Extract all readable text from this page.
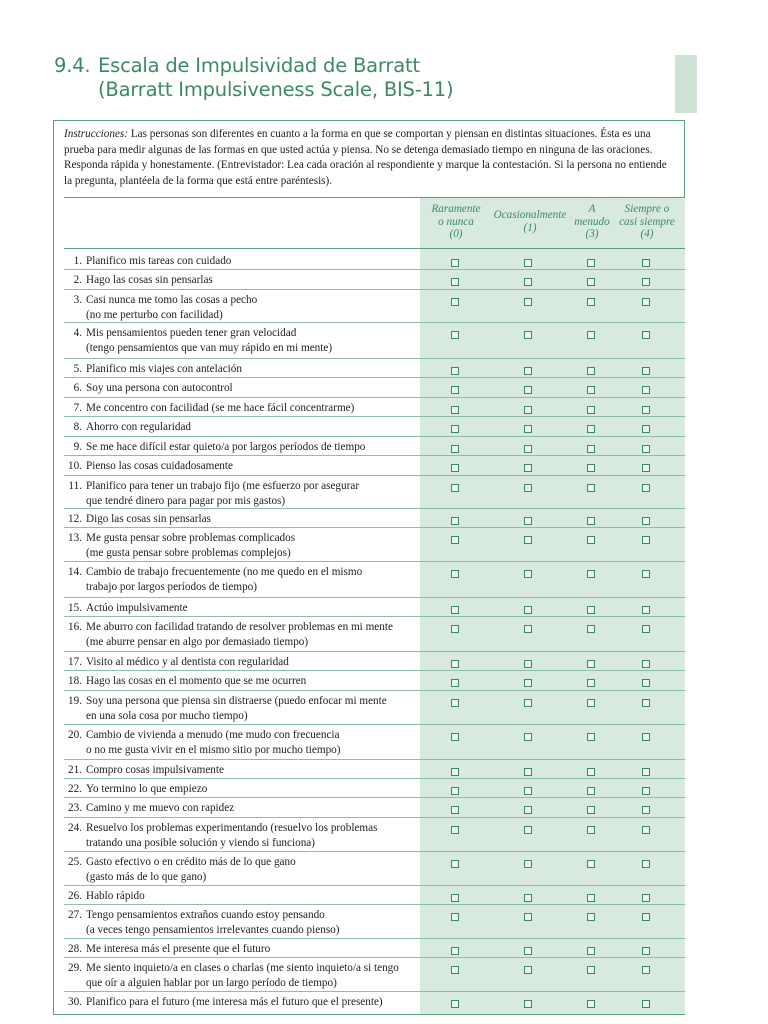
9.4. Escala de Impulsividad de Barratt
(Barratt Impulsiveness Scale, BIS-11)
Instrucciones: Las personas son diferentes en cuanto a la forma en que se comportan y piensan en distintas situaciones. Ésta es una prueba para medir algunas de las formas en que usted actúa y piensa. No se detenga demasiado tiempo en ninguna de las oraciones. Responda rápida y honestamente. (Entrevistador: Lea cada oración al respondiente y marque la contestación. Si la persona no entiende la pregunta, plantéela de la forma que está entre paréntesis).
Raramente
o nunca
(0)
Ocasionalmente
(1)
A
menudo
(3)
Siempre o
casi siempre
(4)
1. Planifico mis tareas con cuidado
2. Hago las cosas sin pensarlas
3. Casi nunca me tomo las cosas a pecho
(no me perturbo con facilidad)
4. Mis pensamientos pueden tener gran velocidad
(tengo pensamientos que van muy rápido en mi mente)
5. Planifico mis viajes con antelación
6. Soy una persona con autocontrol
7. Me concentro con facilidad (se me hace fácil concentrarme)
8. Ahorro con regularidad
9. Se me hace difícil estar quieto/a por largos períodos de tiempo
10. Pienso las cosas cuidadosamente
11. Planifico para tener un trabajo fijo (me esfuerzo por asegurar
que tendré dinero para pagar por mis gastos)
12. Digo las cosas sin pensarlas
13. Me gusta pensar sobre problemas complicados
(me gusta pensar sobre problemas complejos)
14. Cambio de trabajo frecuentemente (no me quedo en el mismo
trabajo por largos períodos de tiempo)
15. Actúo impulsivamente
16. Me aburro con facilidad tratando de resolver problemas en mi mente
(me aburre pensar en algo por demasiado tiempo)
17. Visito al médico y al dentista con regularidad
18. Hago las cosas en el momento que se me ocurren
19. Soy una persona que piensa sin distraerse (puedo enfocar mi mente
en una sola cosa por mucho tiempo)
20. Cambio de vivienda a menudo (me mudo con frecuencia
o no me gusta vivir en el mismo sitio por mucho tiempo)
21. Compro cosas impulsivamente
22. Yo termino lo que empiezo
23. Camino y me muevo con rapidez
24. Resuelvo los problemas experimentando (resuelvo los problemas
tratando una posible solución y viendo si funciona)
25. Gasto efectivo o en crédito más de lo que gano
(gasto más de lo que gano)
26. Hablo rápido
27. Tengo pensamientos extraños cuando estoy pensando
(a veces tengo pensamientos irrelevantes cuando pienso)
28. Me interesa más el presente que el futuro
29. Me siento inquieto/a en clases o charlas (me siento inquieto/a si tengo
que oír a alguien hablar por un largo período de tiempo)
30. Planifico para el futuro (me interesa más el futuro que el presente)
